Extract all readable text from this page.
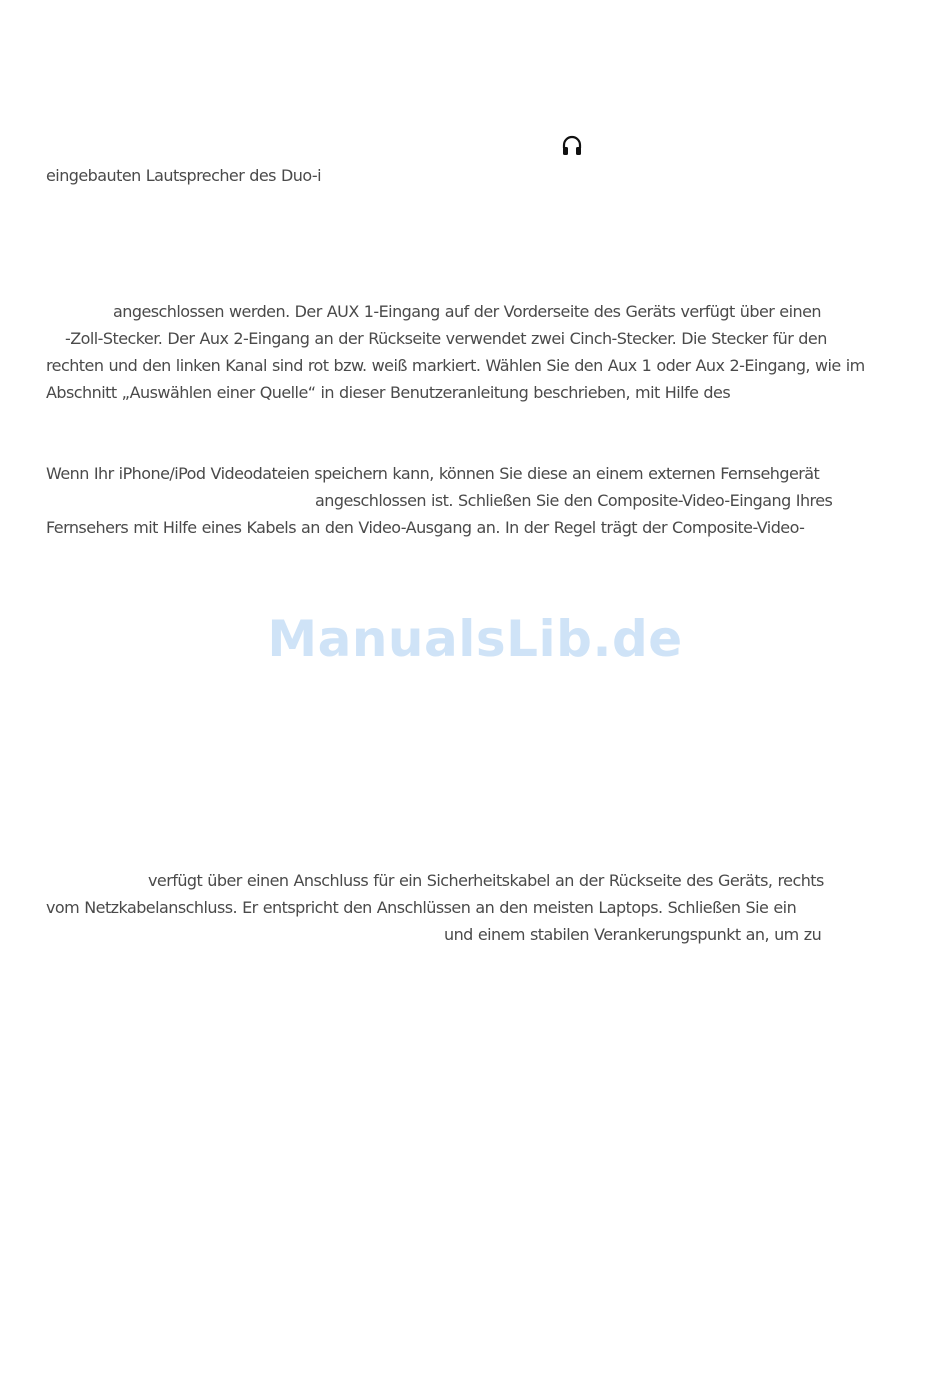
eingebauten Lautsprecher des Duo-i
angeschlossen werden. Der AUX 1-Eingang auf der Vorderseite des Geräts verfügt über einen
-Zoll-Stecker. Der Aux 2-Eingang an der Rückseite verwendet zwei Cinch-Stecker. Die Stecker für den
rechten und den linken Kanal sind rot bzw. weiß markiert. Wählen Sie den Aux 1 oder Aux 2-Eingang, wie im
Abschnitt „Auswählen einer Quelle“ in dieser Benutzeranleitung beschrieben, mit Hilfe des
Wenn Ihr iPhone/iPod Videodateien speichern kann, können Sie diese an einem externen Fernsehgerät
angeschlossen ist. Schließen Sie den Composite-Video-Eingang Ihres
Fernsehers mit Hilfe eines Kabels an den Video-Ausgang an. In der Regel trägt der Composite-Video-
ManualsLib.de
verfügt über einen Anschluss für ein Sicherheitskabel an der Rückseite des Geräts, rechts
vom Netzkabelanschluss. Er entspricht den Anschlüssen an den meisten Laptops. Schließen Sie ein
und einem stabilen Verankerungspunkt an, um zu
